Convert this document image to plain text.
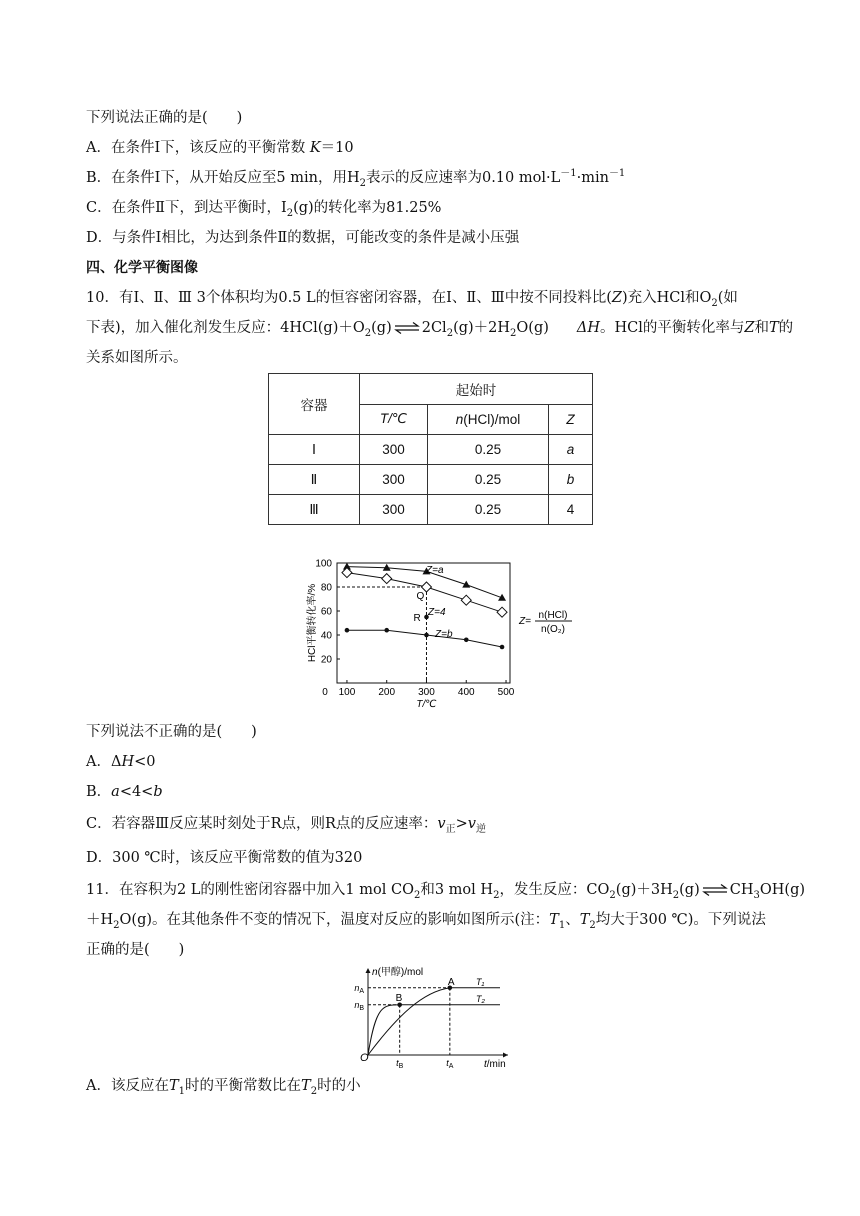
下列说法正确的是(　　)
A．在条件Ⅰ下，该反应的平衡常数 K＝10
B．在条件Ⅰ下，从开始反应至5 min，用$H_2$表示的反应速率为0.10 $mol\cdot L^{-1}\cdot\min^{-1}$
C．在条件Ⅱ下，到达平衡时，$I_2(g)$的转化率为81.25%
D．与条件Ⅰ相比，为达到条件Ⅱ的数据，可能改变的条件是减小压强
四、化学平衡图像
10．有Ⅰ、Ⅱ、Ⅲ 3个体积均为0.5 L的恒容密闭容器，在Ⅰ、Ⅱ、Ⅲ中按不同投料比(Z)充入HCl和$O_2$(如
下表)，加入催化剂发生反应：$4HCl(g)+O_2(g)$ ⇌ $2Cl_2(g)+2H_2O(g)$ ΔH。HCl的平衡转化率与Z和T的
关系如图所示。
容器	起始时		
	T/℃	n(HCl)/mol	Z
Ⅰ	300	0.25	a
Ⅱ	300	0.25	b
Ⅲ	300	0.25	4
100 200 300 400 500
20
40
60
80
100
0
T/℃
HCl平衡转化率/%
Z=a
Z=4
Z=b
R
Q
Z=
n(HCl)
n(O₂)
下列说法不正确的是(　　)
A．ΔH<0
B．a<4<b
C．若容器Ⅲ反应某时刻处于R点，则R点的反应速率：$v_正>v_逆$
D．300 ℃时，该反应平衡常数的值为320
11．在容积为2 L的刚性密闭容器中加入1 mol $CO_2$和3 mol $H_2$，发生反应：$CO_2(g)+3H_2(g)$ ⇌ $CH_3OH(g)$
$+H_2O(g)$。在其他条件不变的情况下，温度对反应的影响如图所示(注：$T_1$、$T_2$均大于300 ℃)。下列说法
正确的是(　　)
n(甲醇)/mol
t/min
O
A
B
$n_A$
$n_B$
$t_B$	$t_A$
T₁
T₂
A．该反应在$T_1$时的平衡常数比在$T_2$时的小
